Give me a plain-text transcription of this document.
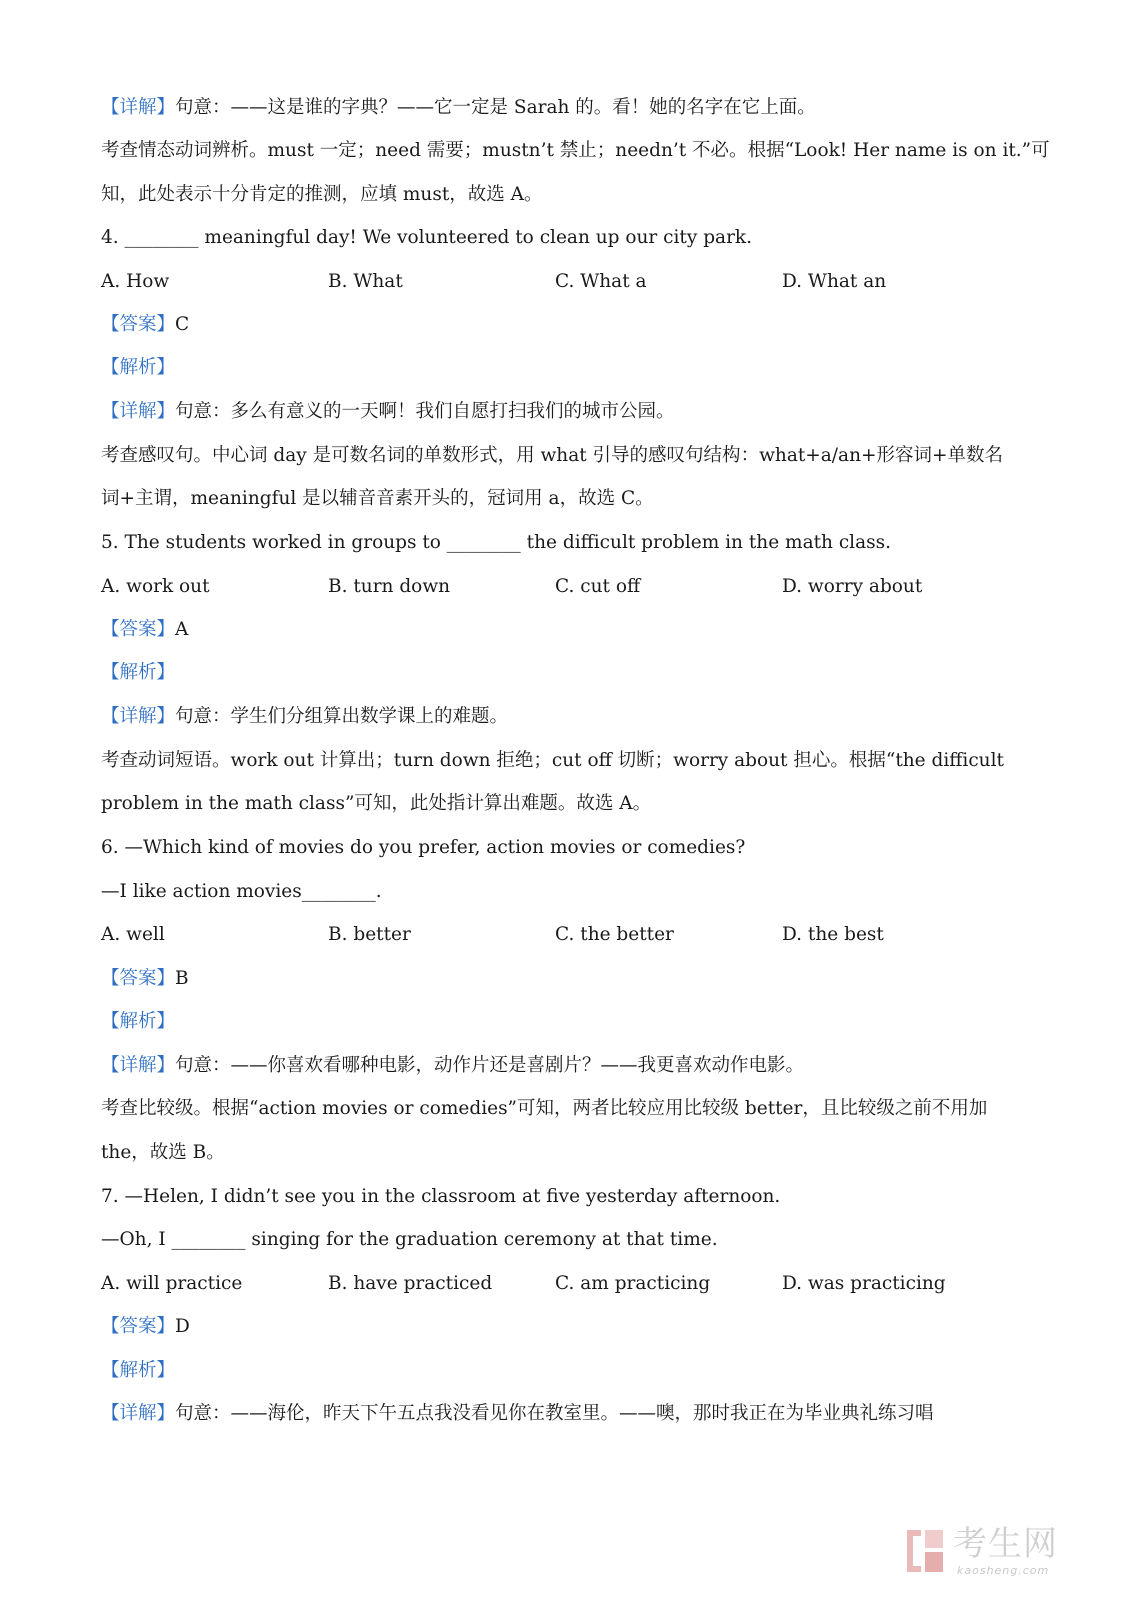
【详解】句意：——这是谁的字典？——它一定是 Sarah 的。看！她的名字在它上面。
考查情态动词辨析。must 一定；need 需要；mustn’t 禁止；needn’t 不必。根据“Look! Her name is on it.”可
知，此处表示十分肯定的推测，应填 must，故选 A。
4. ________ meaningful day! We volunteered to clean up our city park.
A. How	B. What	C. What a	D. What an
【答案】C
【解析】
【详解】句意：多么有意义的一天啊！我们自愿打扫我们的城市公园。
考查感叹句。中心词 day 是可数名词的单数形式，用 what 引导的感叹句结构：what+a/an+形容词+单数名
词+主谓，meaningful 是以辅音音素开头的，冠词用 a，故选 C。
5. The students worked in groups to ________ the difficult problem in the math class.
A. work out	B. turn down	C. cut off	D. worry about
【答案】A
【解析】
【详解】句意：学生们分组算出数学课上的难题。
考查动词短语。work out 计算出；turn down 拒绝；cut off 切断；worry about 担心。根据“the difficult
problem in the math class”可知，此处指计算出难题。故选 A。
6. —Which kind of movies do you prefer, action movies or comedies?
—I like action movies________.
A. well	B. better	C. the better	D. the best
【答案】B
【解析】
【详解】句意：——你喜欢看哪种电影，动作片还是喜剧片？——我更喜欢动作电影。
考查比较级。根据“action movies or comedies”可知，两者比较应用比较级 better，且比较级之前不用加
the，故选 B。
7. —Helen, I didn’t see you in the classroom at five yesterday afternoon.
—Oh, I ________ singing for the graduation ceremony at that time.
A. will practice	B. have practiced	C. am practicing	D. was practicing
【答案】D
【解析】
【详解】句意：——海伦，昨天下午五点我没看见你在教室里。——噢，那时我正在为毕业典礼练习唱
考生网
kaosheng.com
